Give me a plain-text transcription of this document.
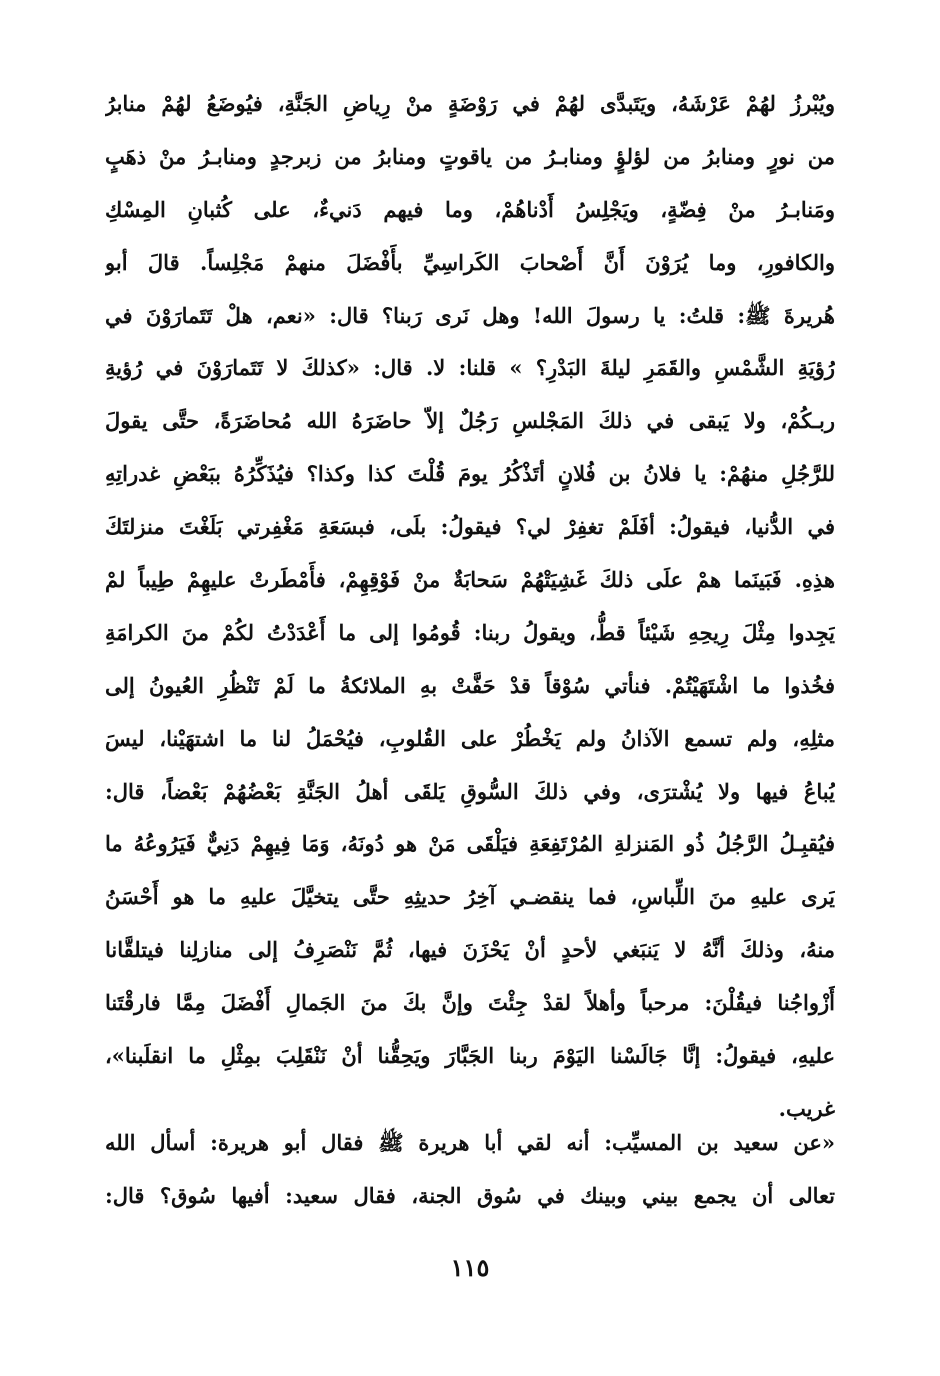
ويُبْرزُ لهُمْ عَرْشَهُ، ويَتَبدَّى لهُمْ في رَوْضَةٍ منْ رِياضِ الجَنَّةِ، فيُوضَعُ لهُمْ منابرُ
من نورٍ ومنابرُ من لؤلؤٍ ومنابـرُ من ياقوتٍ ومنابرُ من زبرجدٍ ومنابـرُ منْ ذهَبٍ
ومَنابـرُ منْ فِضّةٍ، ويَجْلِسُ أَدْناهُمْ، وما فيهم دَنيءٌ، على كُثبانِ المِسْكِ
والكافورِ، وما يُرَوْنَ أَنَّ أَصْحابَ الكَراسِيِّ بأَفْضَلَ منهمْ مَجْلِساً. قالَ أبو
هُريرةَ ﷺ: قلتُ: يا رسولَ الله! وهل نَرى رَبنا؟ قال: «نعم، هلْ تَتَمارَوْنَ في
رُؤيَةِ الشَّمْسِ والقَمَرِ ليلةَ البَدْرِ؟ » قلنا: لا. قال: «كذلكَ لا تَتَمارَوْنَ في رُؤيةِ
ربـكُمْ، ولا يَبقى في ذلكَ المَجْلسِ رَجُلٌ إلاّ حاضَرَهُ الله مُحاضَرَةً، حتَّى يقولَ
للرَّجُلِ منهُمْ: يا فلانُ بن فُلانٍ أتَذْكُرُ يومَ قُلْتَ كذا وكذا؟ فيُذَكِّرُهُ ببَعْضِ غدراتِهِ
في الدُّنيا، فيقولُ: أفَلَمْ تغفِرْ لي؟ فيقولُ: بلَى، فبسَعَةِ مَغْفِرتي بَلَغْتَ منزلتَكَ
هذِهِ. فَبَينَما همْ علَى ذلكَ غَشِيَتْهُمْ سَحابَةٌ منْ فَوْقِهِمْ، فأَمْطَرتْ عليهِمْ طِيباً لمْ
يَجِدوا مِثْلَ رِيحِهِ شَيْئاً قطُّ، ويقولُ ربنا: قُومُوا إلى ما أَعْدَدْتُ لكُمْ منَ الكرامَةِ
فخُذوا ما اشْتَهَيْتُمْ. فنأتي سُوْقاً قدْ حَفَّتْ بهِ الملائكةُ ما لَمْ تَنْظُرِ العُيونُ إلى
مثلِهِ، ولم تسمع الآذانُ ولم يَخْطُرْ على القُلوبِ، فيُحْمَلُ لنا ما اشتهَيْنا، ليسَ
يُباعُ فيها ولا يُشْترَى، وفي ذلكَ السُّوقِ يَلقَى أهلُ الجَنَّةِ بَعْضُهُمْ بَعْضاً، قال:
فيُقبِـلُ الرَّجُلُ ذُو المَنزلةِ المُرْتَفِعَةِ فيَلْقَى مَنْ هو دُونَهُ، وَمَا فِيهِمْ دَنِيٌّ فَيَرُوعُهُ ما
يَرى عليهِ منَ اللِّباسِ، فما ينقضـي آخِرُ حديثِهِ حتَّى يتخيَّلَ عليهِ ما هو أَحْسَنُ
منهُ، وذلكَ أنَّهُ لا يَنبَغي لأحدٍ أنْ يَحْزَنَ فيها، ثُمَّ نَنْصَرِفُ إلى منازلِنا فيتلقَّانا
أَزْواجُنا فيقُلْنَ: مرحباً وأهلاً لقدْ جِئْتَ وإنَّ بكَ منَ الجَمالِ أَفْضَلَ مِمَّا فارقْتَنا
عليهِ، فيقولُ: إنَّا جَالَسْنا اليَوْمَ ربنا الجَبَّارَ ويَحِقُّنا أنْ نَنْقَلِبَ بمِثْلِ ما انقلَبنا»،
غريب.
«عن سعيد بن المسيِّب: أنه لقي أبا هريرة ﷺ فقال أبو هريرة: أسأل الله
تعالى أن يجمع بيني وبينك في سُوق الجنة، فقال سعيد: أفيها سُوق؟ قال:
١١٥
